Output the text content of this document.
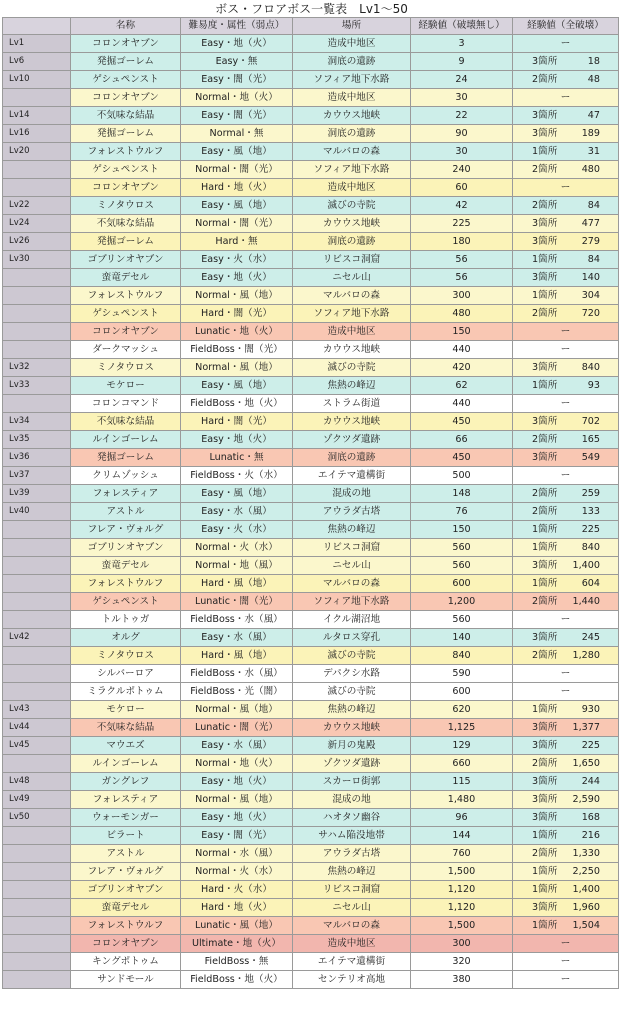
ボス・フロアボス一覧表　Lv1〜50
	名称	難易度・属性（弱点）	場所	経験値（破壊無し）	経験値（全破壊）
Lv1	コロンオヤブン	Easy・地（火）	造成中地区	3	ー
Lv6	発掘ゴーレム	Easy・無	洞底の遺跡	9	3箇所 18
Lv10	ゲシュペンスト	Easy・闇（光）	ソフィア地下水路	24	2箇所 48
	コロンオヤブン	Normal・地（火）	造成中地区	30	ー
Lv14	不気味な結晶	Easy・闇（光）	カウウス地峡	22	3箇所 47
Lv16	発掘ゴーレム	Normal・無	洞底の遺跡	90	3箇所 189
Lv20	フォレストウルフ	Easy・風（地）	マルバロの森	30	1箇所 31
	ゲシュペンスト	Normal・闇（光）	ソフィア地下水路	240	2箇所 480
	コロンオヤブン	Hard・地（火）	造成中地区	60	ー
Lv22	ミノタウロス	Easy・風（地）	滅びの寺院	42	2箇所 84
Lv24	不気味な結晶	Normal・闇（光）	カウウス地峡	225	3箇所 477
Lv26	発掘ゴーレム	Hard・無	洞底の遺跡	180	3箇所 279
Lv30	ゴブリンオヤブン	Easy・火（水）	リビスコ洞窟	56	1箇所 84
	蛮竜デセル	Easy・地（火）	ニセル山	56	3箇所 140
	フォレストウルフ	Normal・風（地）	マルバロの森	300	1箇所 304
	ゲシュペンスト	Hard・闇（光）	ソフィア地下水路	480	2箇所 720
	コロンオヤブン	Lunatic・地（火）	造成中地区	150	ー
	ダークマッシュ	FieldBoss・闇（光）	カウウス地峡	440	ー
Lv32	ミノタウロス	Normal・風（地）	滅びの寺院	420	3箇所 840
Lv33	モケロー	Easy・風（地）	焦熱の峰辺	62	1箇所 93
	コロンコマンド	FieldBoss・地（火）	ストラム街道	440	ー
Lv34	不気味な結晶	Hard・闇（光）	カウウス地峡	450	3箇所 702
Lv35	ルインゴーレム	Easy・地（火）	ゾクツダ遺跡	66	2箇所 165
Lv36	発掘ゴーレム	Lunatic・無	洞底の遺跡	450	3箇所 549
Lv37	クリムゾッシュ	FieldBoss・火（水）	エイテマ遺構街	500	ー
Lv39	フォレスティア	Easy・風（地）	混成の地	148	2箇所 259
Lv40	アストル	Easy・水（風）	アウラダ古塔	76	2箇所 133
	フレア・ヴォルグ	Easy・火（水）	焦熱の峰辺	150	1箇所 225
	ゴブリンオヤブン	Normal・火（水）	リビスコ洞窟	560	1箇所 840
	蛮竜デセル	Normal・地（風）	ニセル山	560	3箇所 1,400
	フォレストウルフ	Hard・風（地）	マルバロの森	600	1箇所 604
	ゲシュペンスト	Lunatic・闇（光）	ソフィア地下水路	1,200	2箇所 1,440
	トルトゥガ	FieldBoss・水（風）	イクル湖沼地	560	ー
Lv42	オルグ	Easy・水（風）	ルタロス穿孔	140	3箇所 245
	ミノタウロス	Hard・風（地）	滅びの寺院	840	2箇所 1,280
	シルバーロア	FieldBoss・水（風）	デパクシ水路	590	ー
	ミラクルポトゥム	FieldBoss・光（闇）	滅びの寺院	600	ー
Lv43	モケロー	Normal・風（地）	焦熱の峰辺	620	1箇所 930
Lv44	不気味な結晶	Lunatic・闇（光）	カウウス地峡	1,125	3箇所 1,377
Lv45	マウエズ	Easy・水（風）	新月の鬼殿	129	3箇所 225
	ルインゴーレム	Normal・地（火）	ゾクツダ遺跡	660	2箇所 1,650
Lv48	ガングレフ	Easy・地（火）	スカーロ街郭	115	3箇所 244
Lv49	フォレスティア	Normal・風（地）	混成の地	1,480	3箇所 2,590
Lv50	ウォーモンガー	Easy・地（火）	ハオタソ幽谷	96	3箇所 168
	ビラート	Easy・闇（光）	サハム陥没地帯	144	1箇所 216
	アストル	Normal・水（風）	アウラダ古塔	760	2箇所 1,330
	フレア・ヴォルグ	Normal・火（水）	焦熱の峰辺	1,500	1箇所 2,250
	ゴブリンオヤブン	Hard・火（水）	リビスコ洞窟	1,120	1箇所 1,400
	蛮竜デセル	Hard・地（火）	ニセル山	1,120	3箇所 1,960
	フォレストウルフ	Lunatic・風（地）	マルバロの森	1,500	1箇所 1,504
	コロンオヤブン	Ultimate・地（火）	造成中地区	300	ー
	キングポトゥム	FieldBoss・無	エイテマ遺構街	320	ー
	サンドモール	FieldBoss・地（火）	センテリオ高地	380	ー
